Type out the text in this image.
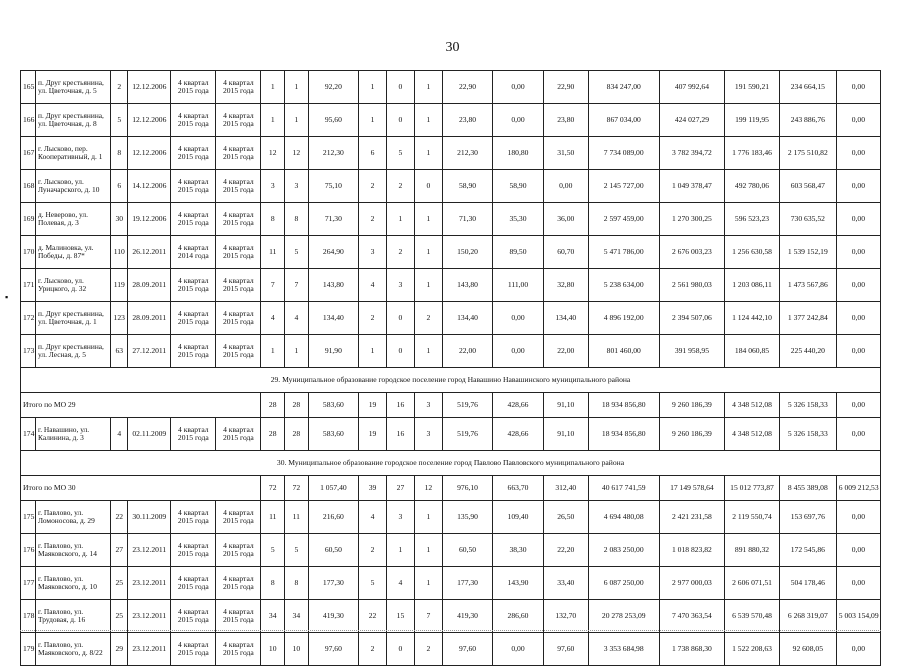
30
▪
165	п. Друг крестьянина, ул. Цветочная, д. 5	2	12.12.2006	4 квартал 2015 года	4 квартал 2015 года	1	1	92,20	1	0	1	22,90	0,00	22,90	834 247,00	407 992,64	191 590,21	234 664,15	0,00
166	п. Друг крестьянина, ул. Цветочная, д. 8	5	12.12.2006	4 квартал 2015 года	4 квартал 2015 года	1	1	95,60	1	0	1	23,80	0,00	23,80	867 034,00	424 027,29	199 119,95	243 886,76	0,00
167	г. Лысково, пер. Кооперативный, д. 1	8	12.12.2006	4 квартал 2015 года	4 квартал 2015 года	12	12	212,30	6	5	1	212,30	180,80	31,50	7 734 089,00	3 782 394,72	1 776 183,46	2 175 510,82	0,00
168	г. Лысково, ул. Луначарского, д. 10	6	14.12.2006	4 квартал 2015 года	4 квартал 2015 года	3	3	75,10	2	2	0	58,90	58,90	0,00	2 145 727,00	1 049 378,47	492 780,06	603 568,47	0,00
169	д. Неверово, ул. Полевая, д. 3	30	19.12.2006	4 квартал 2015 года	4 квартал 2015 года	8	8	71,30	2	1	1	71,30	35,30	36,00	2 597 459,00	1 270 300,25	596 523,23	730 635,52	0,00
170	д. Малиновка, ул. Победы, д. 87*	110	26.12.2011	4 квартал 2014 года	4 квартал 2015 года	11	5	264,90	3	2	1	150,20	89,50	60,70	5 471 786,00	2 676 003,23	1 256 630,58	1 539 152,19	0,00
171	г. Лысково, ул. Урицкого, д. 32	119	28.09.2011	4 квартал 2015 года	4 квартал 2015 года	7	7	143,80	4	3	1	143,80	111,00	32,80	5 238 634,00	2 561 980,03	1 203 086,11	1 473 567,86	0,00
172	п. Друг крестьянина, ул. Цветочная, д. 1	123	28.09.2011	4 квартал 2015 года	4 квартал 2015 года	4	4	134,40	2	0	2	134,40	0,00	134,40	4 896 192,00	2 394 507,06	1 124 442,10	1 377 242,84	0,00
173	п. Друг крестьянина, ул. Лесная, д. 5	63	27.12.2011	4 квартал 2015 года	4 квартал 2015 года	1	1	91,90	1	0	1	22,00	0,00	22,00	801 460,00	391 958,95	184 060,85	225 440,20	0,00
29. Муниципальное образование городское поселение город Навашино Навашинского муниципального района																			
Итого по МО 29						28	28	583,60	19	16	3	519,76	428,66	91,10	18 934 856,80	9 260 186,39	4 348 512,08	5 326 158,33	0,00
174	г. Навашино, ул. Калинина, д. 3	4	02.11.2009	4 квартал 2015 года	4 квартал 2015 года	28	28	583,60	19	16	3	519,76	428,66	91,10	18 934 856,80	9 260 186,39	4 348 512,08	5 326 158,33	0,00
30. Муниципальное образование городское поселение город Павлово Павловского муниципального района																			
Итого по МО 30						72	72	1 057,40	39	27	12	976,10	663,70	312,40	40 617 741,59	17 149 578,64	15 012 773,87	8 455 389,08	6 009 212,53
175	г. Павлово, ул. Ломоносова, д. 29	22	30.11.2009	4 квартал 2015 года	4 квартал 2015 года	11	11	216,60	4	3	1	135,90	109,40	26,50	4 694 480,08	2 421 231,58	2 119 550,74	153 697,76	0,00
176	г. Павлово, ул. Маяковского, д. 14	27	23.12.2011	4 квартал 2015 года	4 квартал 2015 года	5	5	60,50	2	1	1	60,50	38,30	22,20	2 083 250,00	1 018 823,82	891 880,32	172 545,86	0,00
177	г. Павлово, ул. Маяковского, д. 10	25	23.12.2011	4 квартал 2015 года	4 квартал 2015 года	8	8	177,30	5	4	1	177,30	143,90	33,40	6 087 250,00	2 977 000,03	2 606 071,51	504 178,46	0,00
178	г. Павлово, ул. Трудовая, д. 16	25	23.12.2011	4 квартал 2015 года	4 квартал 2015 года	34	34	419,30	22	15	7	419,30	286,60	132,70	20 278 253,09	7 470 363,54	6 539 570,48	6 268 319,07	5 003 154,09
179	г. Павлово, ул. Маяковского, д. 8/22	29	23.12.2011	4 квартал 2015 года	4 квартал 2015 года	10	10	97,60	2	0	2	97,60	0,00	97,60	3 353 684,98	1 738 868,30	1 522 208,63	92 608,05	0,00
